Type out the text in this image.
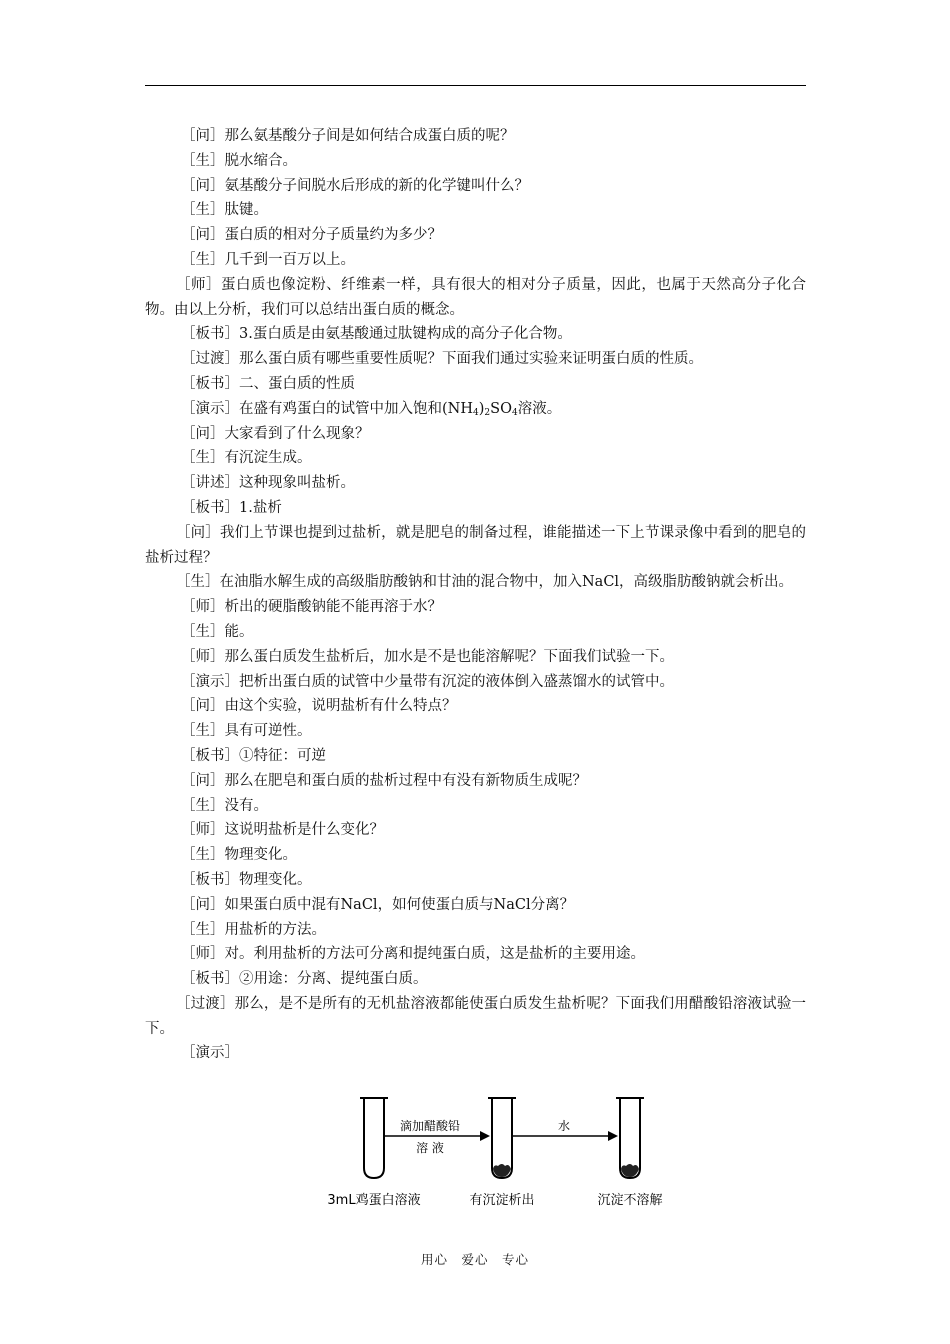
［问］那么氨基酸分子间是如何结合成蛋白质的呢？

［生］脱水缩合。

［问］氨基酸分子间脱水后形成的新的化学键叫什么？

［生］肽键。

［问］蛋白质的相对分子质量约为多少？

［生］几千到一百万以上。

［师］蛋白质也像淀粉、纤维素一样，具有很大的相对分子质量，因此，也属于天然高分子化合物。由以上分析，我们可以总结出蛋白质的概念。

［板书］3.蛋白质是由氨基酸通过肽键构成的高分子化合物。

［过渡］那么蛋白质有哪些重要性质呢？下面我们通过实验来证明蛋白质的性质。

［板书］二、蛋白质的性质

［演示］在盛有鸡蛋白的试管中加入饱和$(NH_4)_2SO_4$溶液。

［问］大家看到了什么现象？

［生］有沉淀生成。

［讲述］这种现象叫盐析。

［板书］1.盐析

［问］我们上节课也提到过盐析，就是肥皂的制备过程，谁能描述一下上节课录像中看到的肥皂的盐析过程？

［生］在油脂水解生成的高级脂肪酸钠和甘油的混合物中，加入NaCl，高级脂肪酸钠就会析出。

［师］析出的硬脂酸钠能不能再溶于水？

［生］能。

［师］那么蛋白质发生盐析后，加水是不是也能溶解呢？下面我们试验一下。

［演示］把析出蛋白质的试管中少量带有沉淀的液体倒入盛蒸馏水的试管中。

［问］由这个实验，说明盐析有什么特点？

［生］具有可逆性。

［板书］①特征：可逆

［问］那么在肥皂和蛋白质的盐析过程中有没有新物质生成呢？

［生］没有。

［师］这说明盐析是什么变化？

［生］物理变化。

［板书］物理变化。

［问］如果蛋白质中混有NaCl，如何使蛋白质与NaCl分离？

［生］用盐析的方法。

［师］对。利用盐析的方法可分离和提纯蛋白质，这是盐析的主要用途。

［板书］②用途：分离、提纯蛋白质。

［过渡］那么，是不是所有的无机盐溶液都能使蛋白质发生盐析呢？下面我们用醋酸铅溶液试验一下。

［演示］

滴加醋酸铅
溶 液
水
3mL鸡蛋白溶液	有沉淀析出	沉淀不溶解
用心　爱心　专心
